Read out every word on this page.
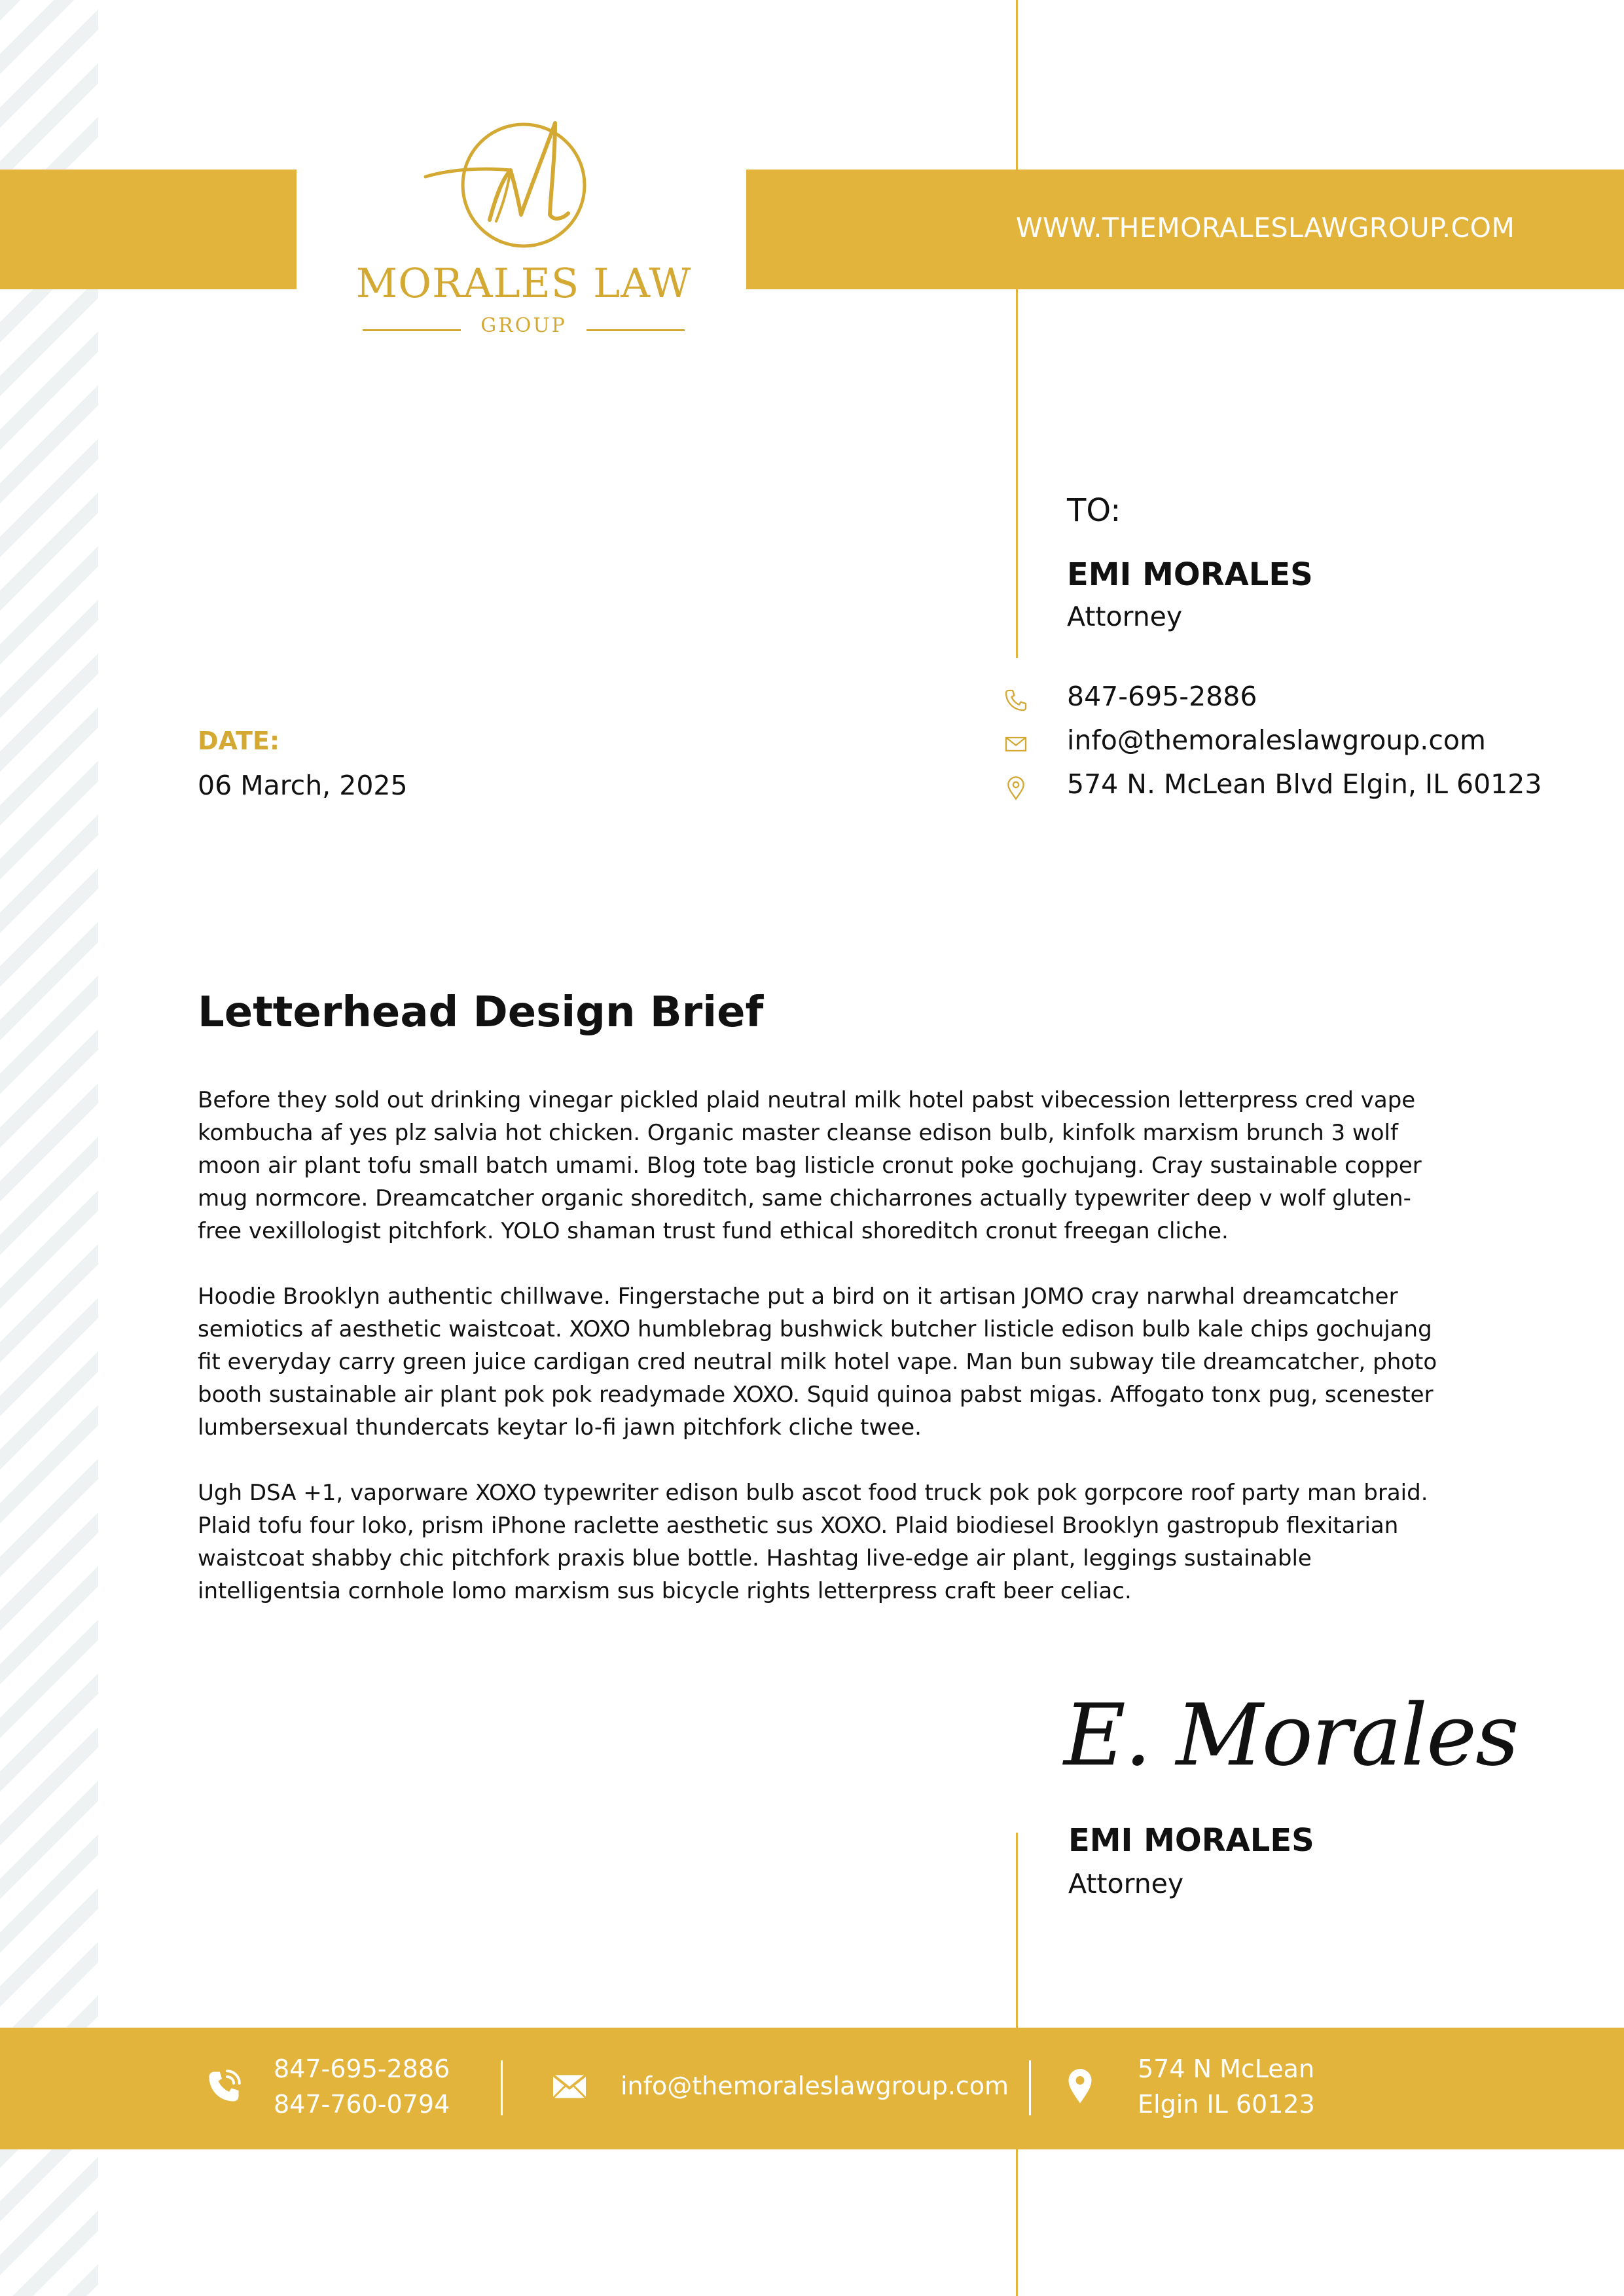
WWW.THEMORALESLAWGROUP.COM
MORALES LAW
GROUP
TO:
EMI MORALES
Attorney
847-695-2886
info@themoraleslawgroup.com
574 N. McLean Blvd Elgin, IL 60123
DATE:
06 March, 2025
Letterhead Design Brief

Before they sold out drinking vinegar pickled plaid neutral milk hotel pabst vibecession letterpress cred vape kombucha af yes plz salvia hot chicken. Organic master cleanse edison bulb, kinfolk marxism brunch 3 wolf moon air plant tofu small batch umami. Blog tote bag listicle cronut poke gochujang. Cray sustainable copper mug normcore. Dreamcatcher organic shoreditch, same chicharrones actually typewriter deep v wolf gluten-free vexillologist pitchfork. YOLO shaman trust fund ethical shoreditch cronut freegan cliche.

Hoodie Brooklyn authentic chillwave. Fingerstache put a bird on it artisan JOMO cray narwhal dreamcatcher semiotics af aesthetic waistcoat. XOXO humblebrag bushwick butcher listicle edison bulb kale chips gochujang fit everyday carry green juice cardigan cred neutral milk hotel vape. Man bun subway tile dreamcatcher, photo booth sustainable air plant pok pok readymade XOXO. Squid quinoa pabst migas. Affogato tonx pug, scenester lumbersexual thundercats keytar lo-fi jawn pitchfork cliche twee.

Ugh DSA +1, vaporware XOXO typewriter edison bulb ascot food truck pok pok gorpcore roof party man braid. Plaid tofu four loko, prism iPhone raclette aesthetic sus XOXO. Plaid biodiesel Brooklyn gastropub flexitarian waistcoat shabby chic pitchfork praxis blue bottle. Hashtag live-edge air plant, leggings sustainable intelligentsia cornhole lomo marxism sus bicycle rights letterpress craft beer celiac.

E. Morales
EMI MORALES
Attorney
847-695-2886
847-760-0794
info@themoraleslawgroup.com
574 N McLean
Elgin IL 60123
